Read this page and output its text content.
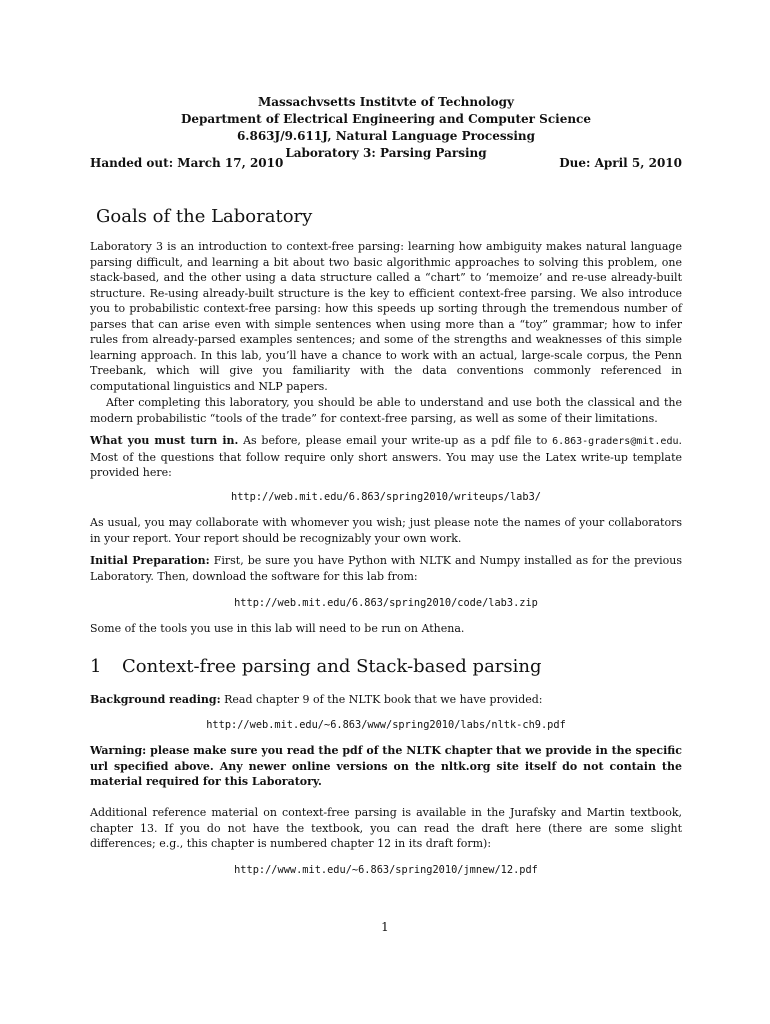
Massachvsetts Institvte of Technology
Department of Electrical Engineering and Computer Science
6.863J/9.611J, Natural Language Processing
Laboratory 3: Parsing Parsing
Handed out: March 17, 2010	Due: April 5, 2010
Goals of the Laboratory

Laboratory 3 is an introduction to context-free parsing: learning how ambiguity makes natural language parsing difficult, and learning a bit about two basic algorithmic approaches to solving this problem, one stack-based, and the other using a data structure called a “chart” to ‘memoize’ and re-use already-built structure. Re-using already-built structure is the key to efficient context-free parsing. We also introduce you to probabilistic context-free parsing: how this speeds up sorting through the tremendous number of parses that can arise even with simple sentences when using more than a “toy” grammar; how to infer rules from already-parsed examples sentences; and some of the strengths and weaknesses of this simple learning approach. In this lab, you’ll have a chance to work with an actual, large-scale corpus, the Penn Treebank, which will give you familiarity with the data conventions commonly referenced in computational linguistics and NLP papers.

After completing this laboratory, you should be able to understand and use both the classical and the modern probabilistic “tools of the trade” for context-free parsing, as well as some of their limitations.

What you must turn in. As before, please email your write-up as a pdf file to 6.863-graders@mit.edu. Most of the questions that follow require only short answers. You may use the Latex write-up template provided here:

http://web.mit.edu/6.863/spring2010/writeups/lab3/

As usual, you may collaborate with whomever you wish; just please note the names of your collaborators in your report. Your report should be recognizably your own work.

Initial Preparation: First, be sure you have Python with NLTK and Numpy installed as for the previous Laboratory. Then, download the software for this lab from:

http://web.mit.edu/6.863/spring2010/code/lab3.zip

Some of the tools you use in this lab will need to be run on Athena.

1 Context-free parsing and Stack-based parsing

Background reading: Read chapter 9 of the NLTK book that we have provided:

http://web.mit.edu/~6.863/www/spring2010/labs/nltk-ch9.pdf

Warning: please make sure you read the pdf of the NLTK chapter that we provide in the specific url specified above. Any newer online versions on the nltk.org site itself do not contain the material required for this Laboratory.

Additional reference material on context-free parsing is available in the Jurafsky and Martin textbook, chapter 13. If you do not have the textbook, you can read the draft here (there are some slight differences; e.g., this chapter is numbered chapter 12 in its draft form):

http://www.mit.edu/~6.863/spring2010/jmnew/12.pdf
1
